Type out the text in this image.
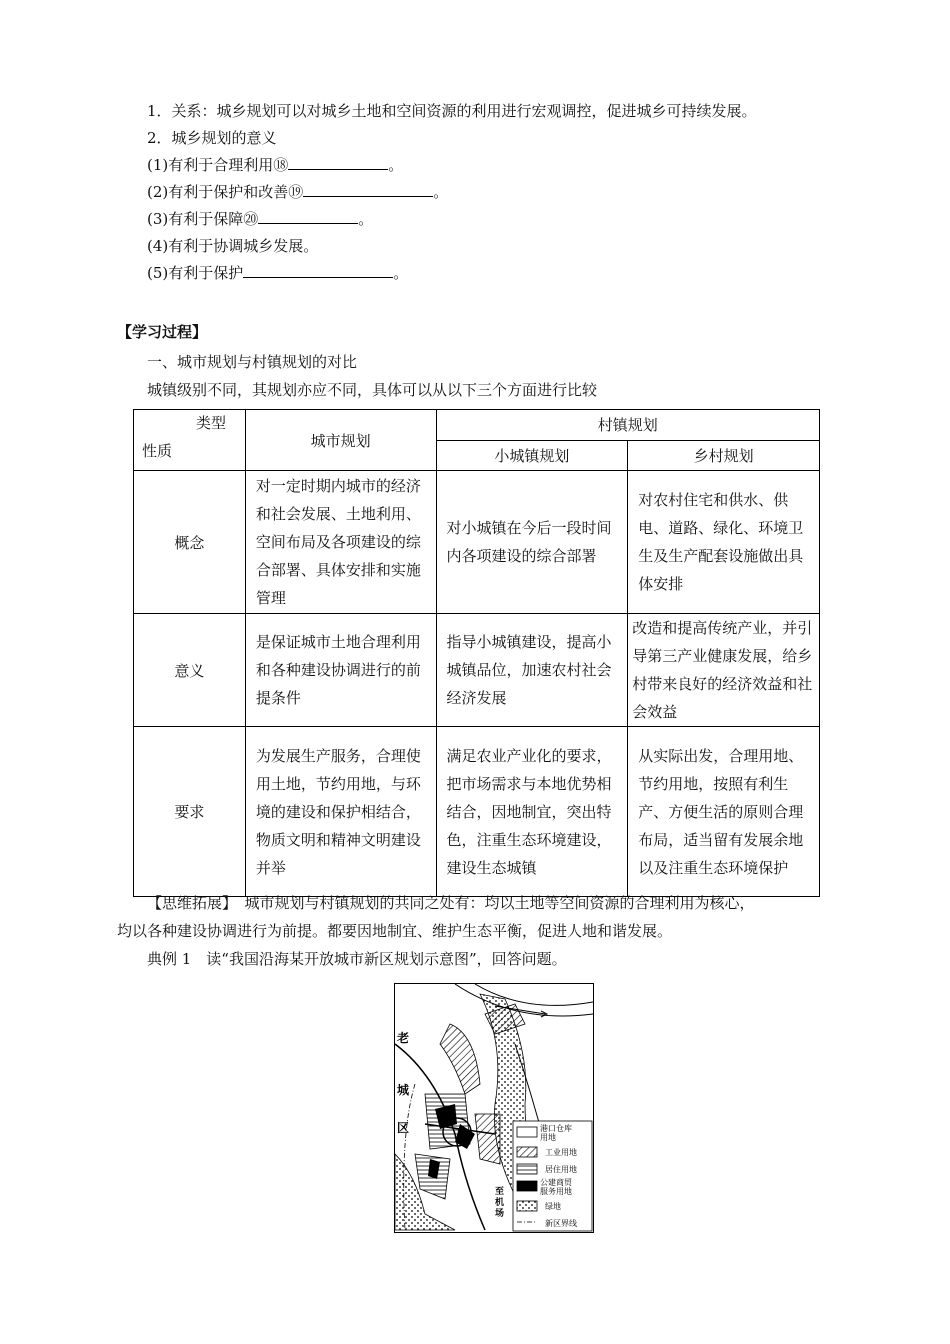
1．关系：城乡规划可以对城乡土地和空间资源的利用进行宏观调控，促进城乡可持续发展。
2．城乡规划的意义
(1)有利于合理利用⑱	。
(2)有利于保护和改善⑲	。
(3)有利于保障⑳	。
(4)有利于协调城乡发展。
(5)有利于保护	。
【学习过程】
一、城市规划与村镇规划的对比
城镇级别不同，其规划亦应不同，具体可以从以下三个方面进行比较
类型
性质	城市规划	村镇规划	
		小城镇规划	乡村规划
概念	对一定时期内城市的经济和社会发展、土地利用、空间布局及各项建设的综合部署、具体安排和实施管理	对小城镇在今后一段时间内各项建设的综合部署	对农村住宅和供水、供电、道路、绿化、环境卫生及生产配套设施做出具体安排

意义	是保证城市土地合理利用和各种建设协调进行的前提条件	指导小城镇建设，提高小城镇品位，加速农村社会经济发展	改造和提高传统产业，并引导第三产业健康发展，给乡村带来良好的经济效益和社会效益

要求	为发展生产服务，合理使用土地，节约用地，与环境的建设和保护相结合，物质文明和精神文明建设并举	满足农业产业化的要求，把市场需求与本地优势相结合，因地制宜，突出特色，注重生态环境建设，建设生态城镇	从实际出发，合理用地、节约用地，按照有利生产、方便生活的原则合理布局，适当留有发展余地以及注重生态环境保护
【思维拓展】　 城市规划与村镇规划的共同之处有：均以土地等空间资源的合理利用为核心，
均以各种建设协调进行为前提。都要因地制宜、维护生态平衡，促进人地和谐发展。
典例 1　读“我国沿海某开放城市新区规划示意图”，回答问题。
港口仓库
用地
工业用地
居住用地
公建商贸
服务用地
绿地
新区界线
老
城
区
至
机
场
